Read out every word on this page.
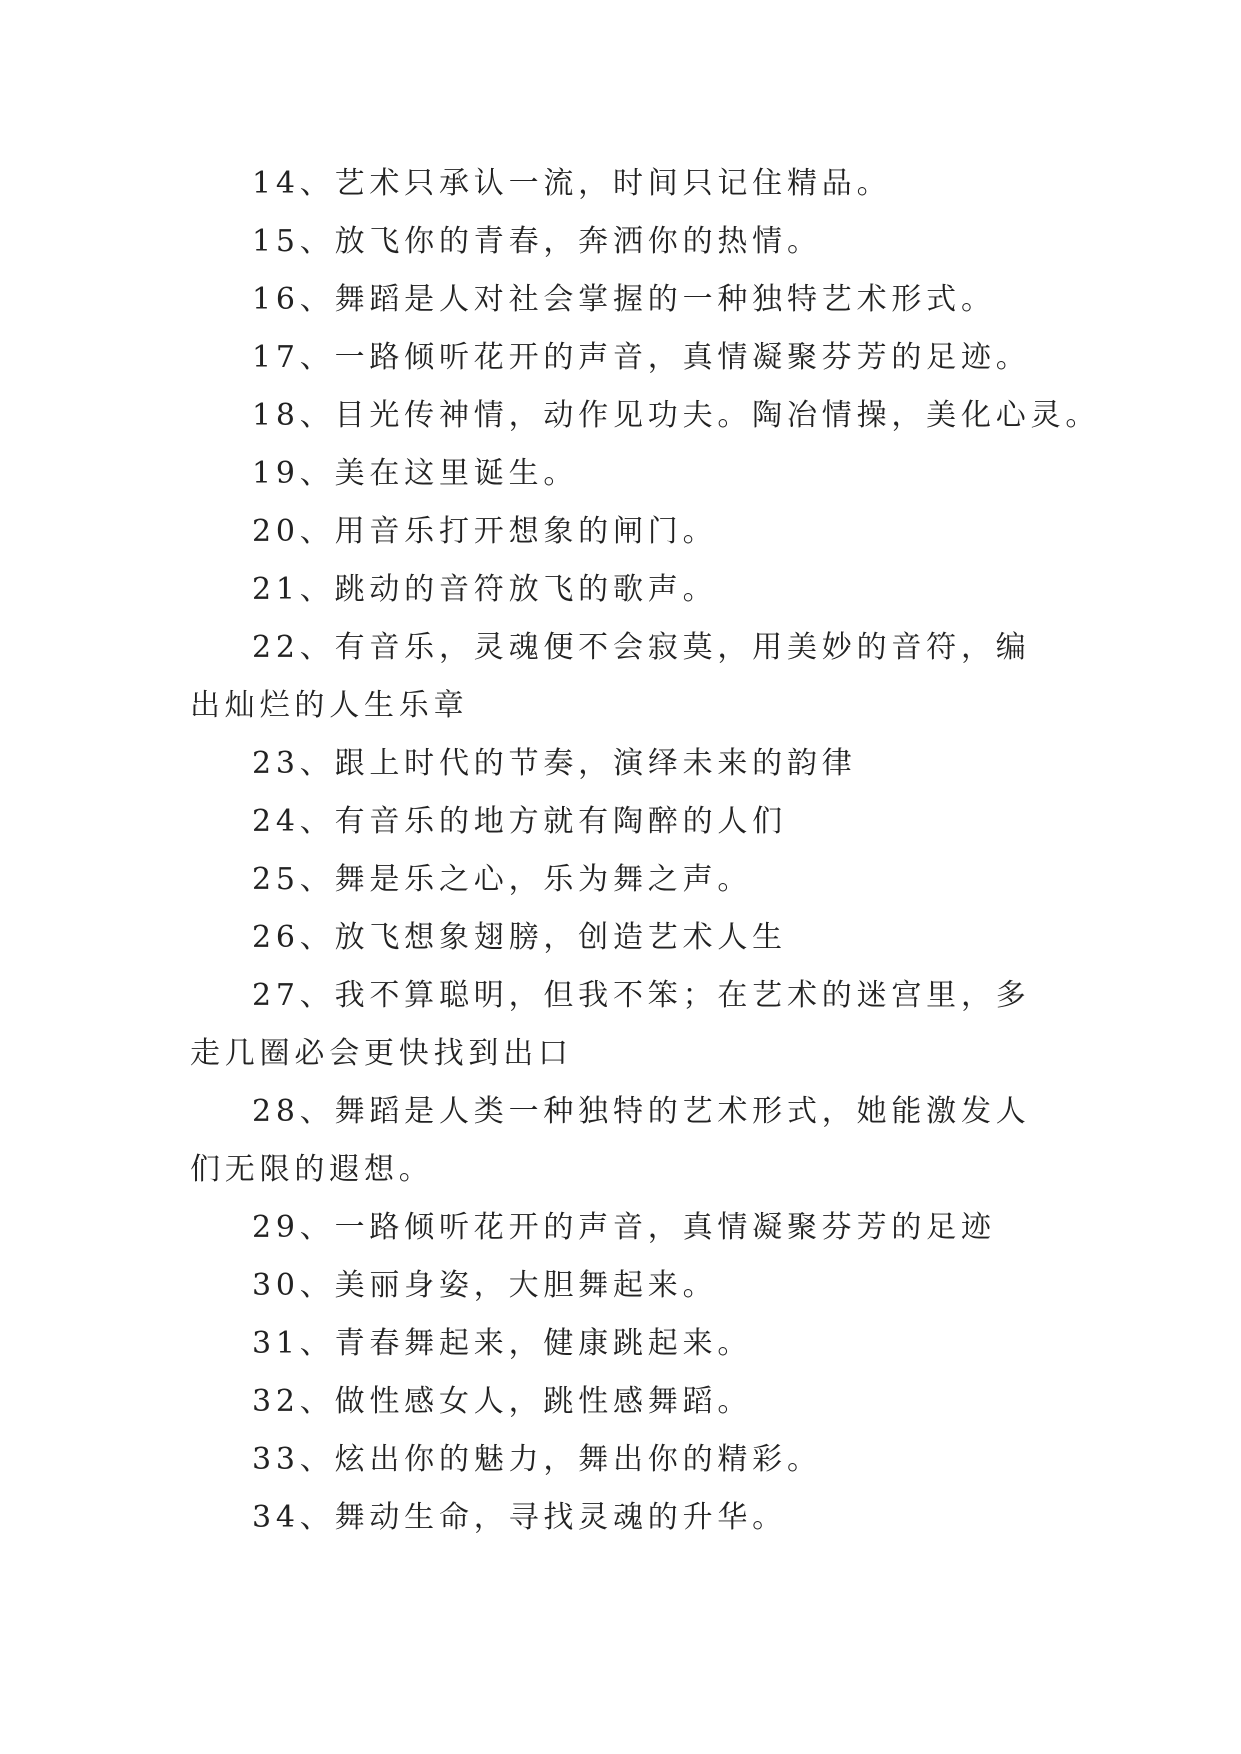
14、艺术只承认一流，时间只记住精品。

15、放飞你的青春，奔洒你的热情。

16、舞蹈是人对社会掌握的一种独特艺术形式。

17、一路倾听花开的声音，真情凝聚芬芳的足迹。

18、目光传神情，动作见功夫。陶冶情操，美化心灵。

19、美在这里诞生。

20、用音乐打开想象的闸门。

21、跳动的音符放飞的歌声。

22、有音乐，灵魂便不会寂莫，用美妙的音符，编出灿烂的人生乐章

23、跟上时代的节奏，演绎未来的韵律

24、有音乐的地方就有陶醉的人们

25、舞是乐之心，乐为舞之声。

26、放飞想象翅膀，创造艺术人生

27、我不算聪明，但我不笨；在艺术的迷宫里，多走几圈必会更快找到出口

28、舞蹈是人类一种独特的艺术形式，她能激发人们无限的遐想。

29、一路倾听花开的声音，真情凝聚芬芳的足迹

30、美丽身姿，大胆舞起来。

31、青春舞起来，健康跳起来。

32、做性感女人，跳性感舞蹈。

33、炫出你的魅力，舞出你的精彩。

34、舞动生命，寻找灵魂的升华。
